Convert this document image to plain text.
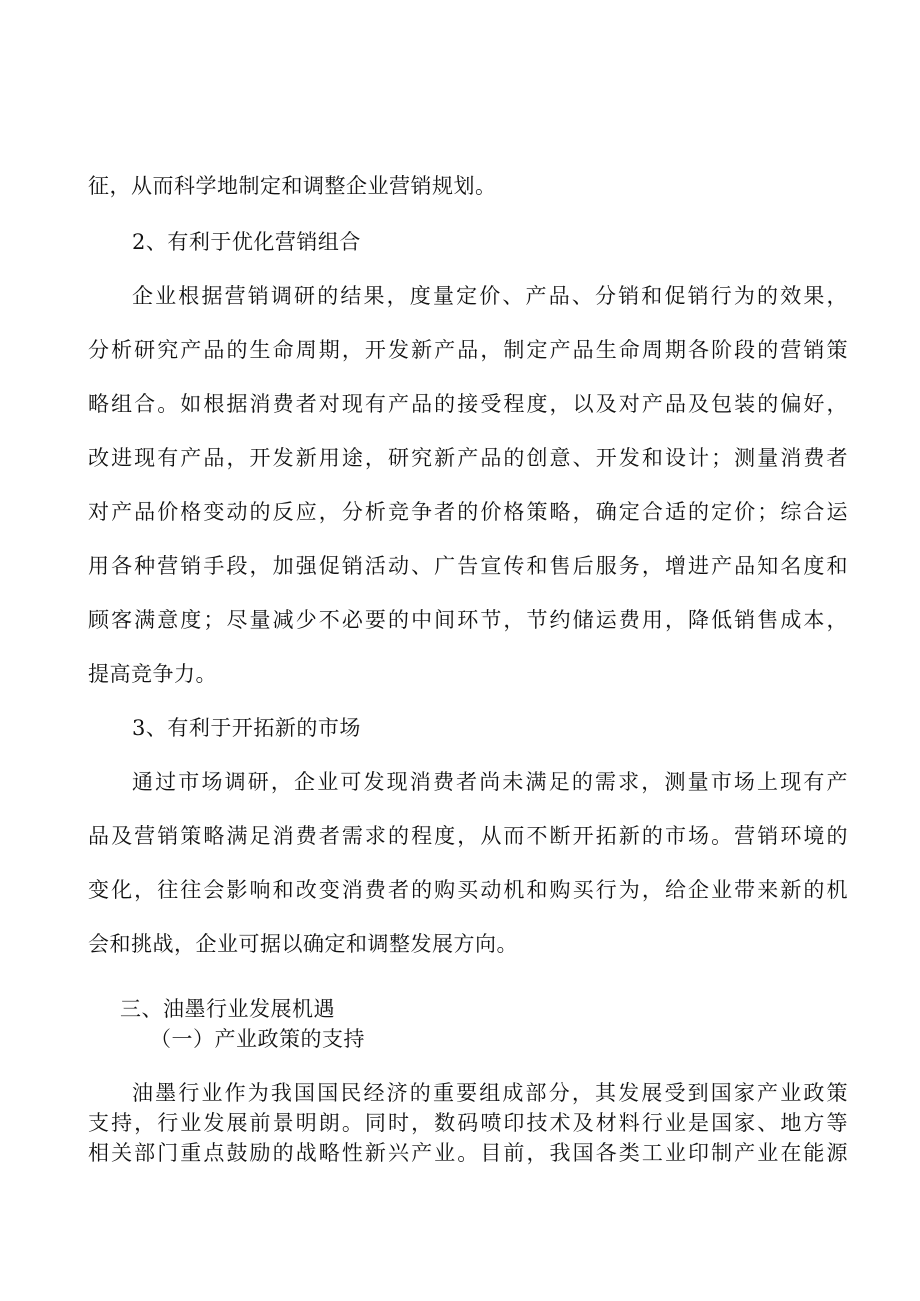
征，从而科学地制定和调整企业营销规划。
2、有利于优化营销组合
企业根据营销调研的结果，度量定价、产品、分销和促销行为的效果，
分析研究产品的生命周期，开发新产品，制定产品生命周期各阶段的营销策
略组合。如根据消费者对现有产品的接受程度，以及对产品及包装的偏好，
改进现有产品，开发新用途，研究新产品的创意、开发和设计；测量消费者
对产品价格变动的反应，分析竞争者的价格策略，确定合适的定价；综合运
用各种营销手段，加强促销活动、广告宣传和售后服务，增进产品知名度和
顾客满意度；尽量减少不必要的中间环节，节约储运费用，降低销售成本，
提高竞争力。
3、有利于开拓新的市场
通过市场调研，企业可发现消费者尚未满足的需求，测量市场上现有产
品及营销策略满足消费者需求的程度，从而不断开拓新的市场。营销环境的
变化，往往会影响和改变消费者的购买动机和购买行为，给企业带来新的机
会和挑战，企业可据以确定和调整发展方向。
三、油墨行业发展机遇
（一）产业政策的支持
油墨行业作为我国国民经济的重要组成部分，其发展受到国家产业政策
支持，行业发展前景明朗。同时，数码喷印技术及材料行业是国家、地方等
相关部门重点鼓励的战略性新兴产业。目前，我国各类工业印制产业在能源
